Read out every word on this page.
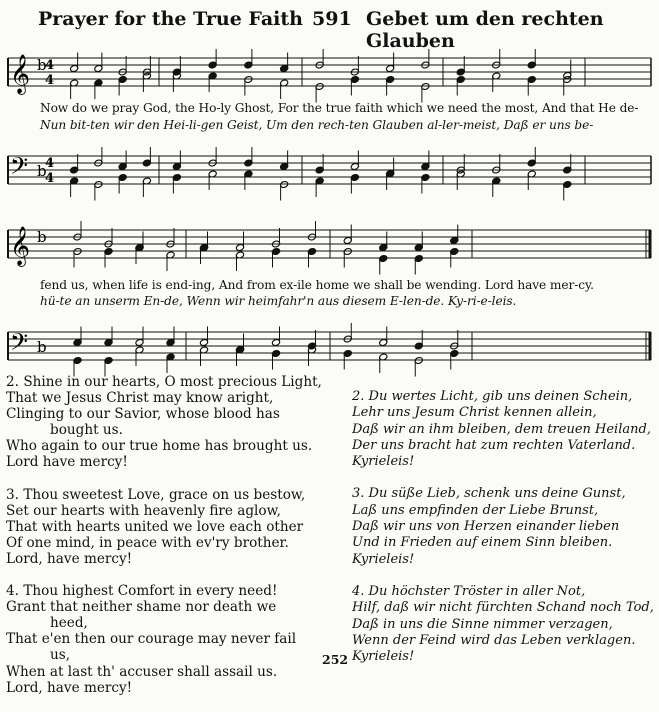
Prayer for the True Faith 591 Gebet um den rechten Glauben
𝄞 b
4
4
Now do we pray God, the Ho-ly Ghost, For the true faith which we need the most, And that He de-
Nun bit-ten wir den Hei-li-gen Geist, Um den rech-ten Glauben al-ler-meist, Daß er uns be-
𝄢 b
4
4
𝄞 b
fend us, when life is end-ing, And from ex-ile home we shall be wending. Lord have mer-cy.
hü-te an unserm En-de, Wenn wir heimfahr'n aus diesem E-len-de. Ky-ri-e-leis.
𝄢 b
2. Shine in our hearts, O most precious Light,
That we Jesus Christ may know aright,
Clinging to our Savior, whose blood has
bought us.
Who again to our true home has brought us.
Lord have mercy!
3. Thou sweetest Love, grace on us bestow,
Set our hearts with heavenly fire aglow,
That with hearts united we love each other
Of one mind, in peace with ev'ry brother.
Lord, have mercy!
4. Thou highest Comfort in every need!
Grant that neither shame nor death we
heed,
That e'en then our courage may never fail
us,
When at last th' accuser shall assail us.
Lord, have mercy!
2. Du wertes Licht, gib uns deinen Schein,
Lehr uns Jesum Christ kennen allein,
Daß wir an ihm bleiben, dem treuen Heiland,
Der uns bracht hat zum rechten Vaterland.
Kyrieleis!
3. Du süße Lieb, schenk uns deine Gunst,
Laß uns empfinden der Liebe Brunst,
Daß wir uns von Herzen einander lieben
Und in Frieden auf einem Sinn bleiben.
Kyrieleis!
4. Du höchster Tröster in aller Not,
Hilf, daß wir nicht fürchten Schand noch Tod,
Daß in uns die Sinne nimmer verzagen,
Wenn der Feind wird das Leben verklagen.
Kyrieleis!
252
